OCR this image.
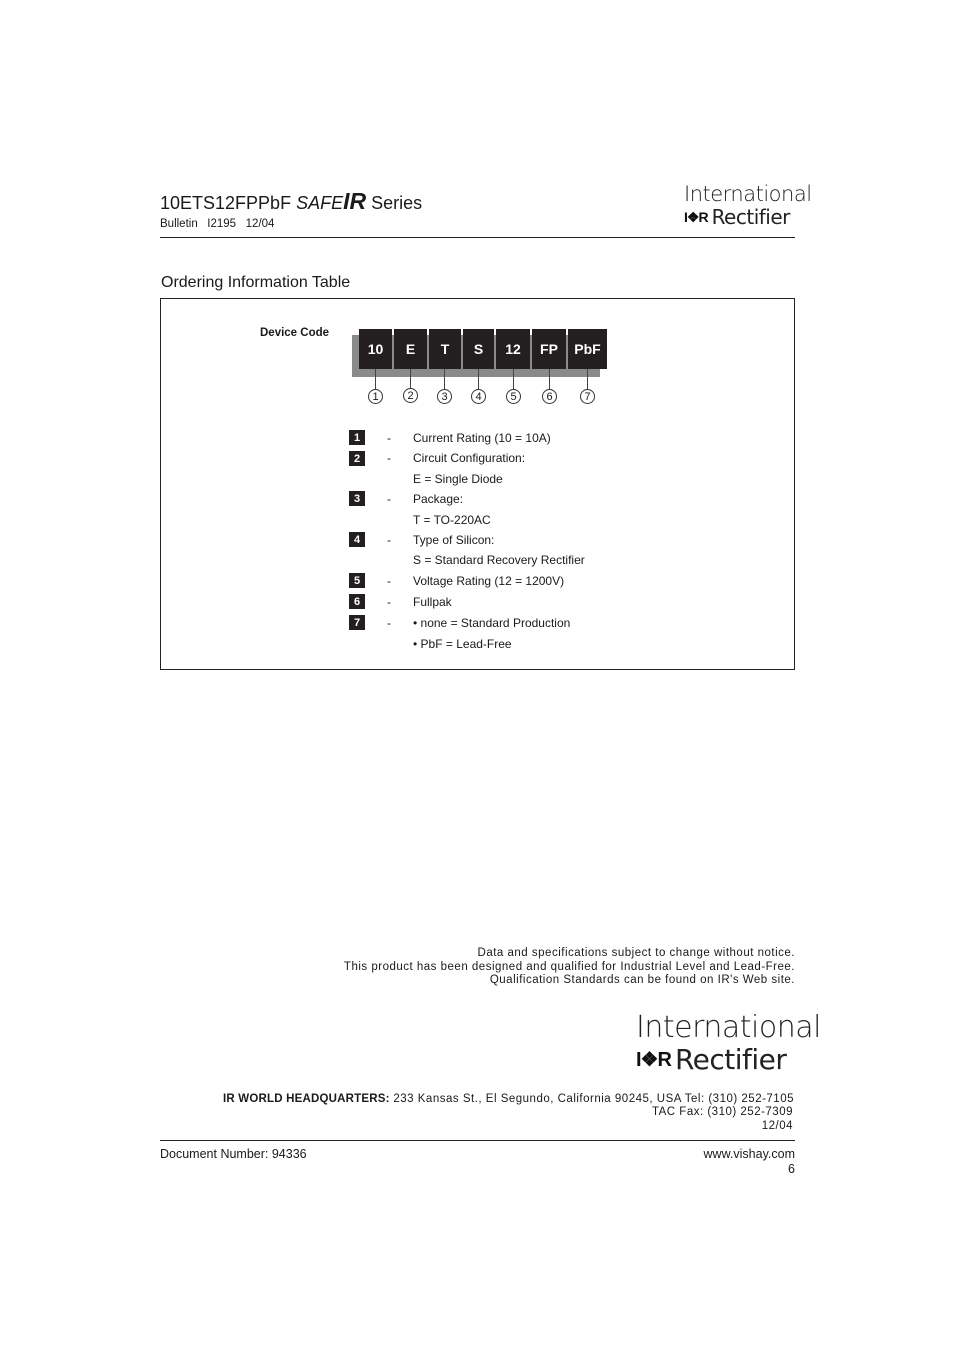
10ETS12FPPbF SAFEIR Series
Bulletin   I2195   12/04
International
I❖R Rectifier
Ordering Information Table
Device Code
10	E	T	S	12	FP	PbF
1	2	3	4	5	6	7
1	- Current Rating (10 = 10A)
2	- Circuit Configuration:
E = Single Diode
3	- Package:
T = TO-220AC
4	- Type of Silicon:
S = Standard Recovery Rectifier
5	- Voltage Rating (12 = 1200V)
6	- Fullpak
7	- • none = Standard Production
• PbF = Lead-Free
Data and specifications subject to change without notice.
This product has been designed and qualified for Industrial Level and Lead-Free.
Qualification Standards can be found on IR's Web site.
International
I❖R Rectifier
IR WORLD HEADQUARTERS: 233 Kansas St., El Segundo, California 90245, USA Tel: (310) 252-7105
TAC Fax: (310) 252-7309
12/04
Document Number: 94336	www.vishay.com
6
